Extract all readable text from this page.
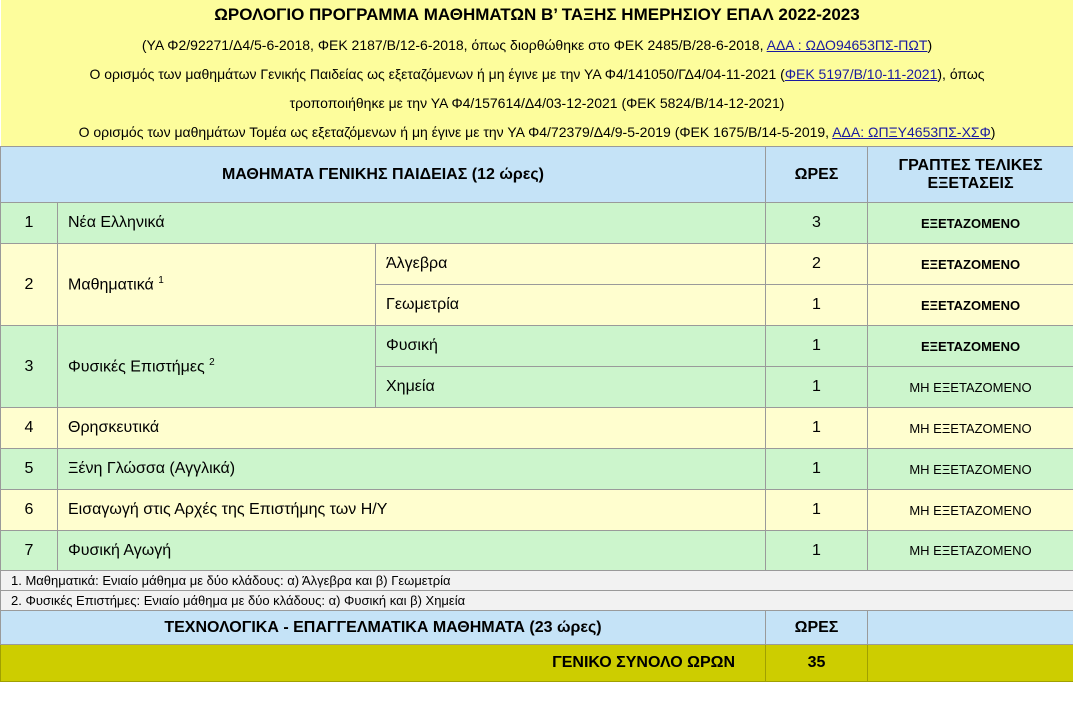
ΩΡΟΛΟΓΙΟ ΠΡΟΓΡΑΜΜΑ ΜΑΘΗΜΑΤΩΝ Β’ ΤΑΞΗΣ ΗΜΕΡΗΣΙΟΥ ΕΠΑΛ 2022-2023				
(ΥΑ Φ2/92271/Δ4/5-6-2018, ΦΕΚ 2187/Β/12-6-2018, όπως διορθώθηκε στο ΦΕΚ 2485/Β/28-6-2018, ΑΔΑ : ΩΔΟ94653ΠΣ-ΠΩΤ)				
Ο ορισμός των μαθημάτων Γενικής Παιδείας ως εξεταζόμενων ή μη έγινε με την ΥΑ Φ4/141050/ΓΔ4/04-11-2021 (ΦΕΚ 5197/Β/10-11-2021), όπως				
τροποποιήθηκε με την ΥΑ Φ4/157614/Δ4/03-12-2021 (ΦΕΚ 5824/Β/14-12-2021)				
Ο ορισμός των μαθημάτων Τομέα ως εξεταζόμενων ή μη έγινε με την ΥΑ Φ4/72379/Δ4/9-5-2019 (ΦΕΚ 1675/Β/14-5-2019, ΑΔΑ: ΩΠΞΥ4653ΠΣ-ΧΣΦ)				
ΜΑΘΗΜΑΤΑ ΓΕΝΙΚΗΣ ΠΑΙΔΕΙΑΣ (12 ώρες)			ΩΡΕΣ	ΓΡΑΠΤΕΣ ΤΕΛΙΚΕΣ ΕΞΕΤΑΣΕΙΣ
1	Νέα Ελληνικά		3	ΕΞΕΤΑΖΟΜΕΝΟ
2	Μαθηματικά $^1$	Άλγεβρα	2	ΕΞΕΤΑΖΟΜΕΝΟ
		Γεωμετρία	1	ΕΞΕΤΑΖΟΜΕΝΟ
3	Φυσικές Επιστήμες $^2$	Φυσική	1	ΕΞΕΤΑΖΟΜΕΝΟ
		Χημεία	1	ΜΗ ΕΞΕΤΑΖΟΜΕΝΟ
4	Θρησκευτικά		1	ΜΗ ΕΞΕΤΑΖΟΜΕΝΟ
5	Ξένη Γλώσσα (Αγγλικά)		1	ΜΗ ΕΞΕΤΑΖΟΜΕΝΟ
6	Εισαγωγή στις Αρχές της Επιστήμης των Η/Υ		1	ΜΗ ΕΞΕΤΑΖΟΜΕΝΟ
7	Φυσική Αγωγή		1	ΜΗ ΕΞΕΤΑΖΟΜΕΝΟ
1. Μαθηματικά: Ενιαίο μάθημα με δύο κλάδους: α) Άλγεβρα και β) Γεωμετρία				
2. Φυσικές Επιστήμες: Ενιαίο μάθημα με δύο κλάδους: α) Φυσική και β) Χημεία				
ΤΕΧΝΟΛΟΓΙΚΑ - ΕΠΑΓΓΕΛΜΑΤΙΚΑ ΜΑΘΗΜΑΤΑ (23 ώρες)			ΩΡΕΣ	
ΓΕΝΙΚΟ ΣΥΝΟΛΟ ΩΡΩΝ			35	
